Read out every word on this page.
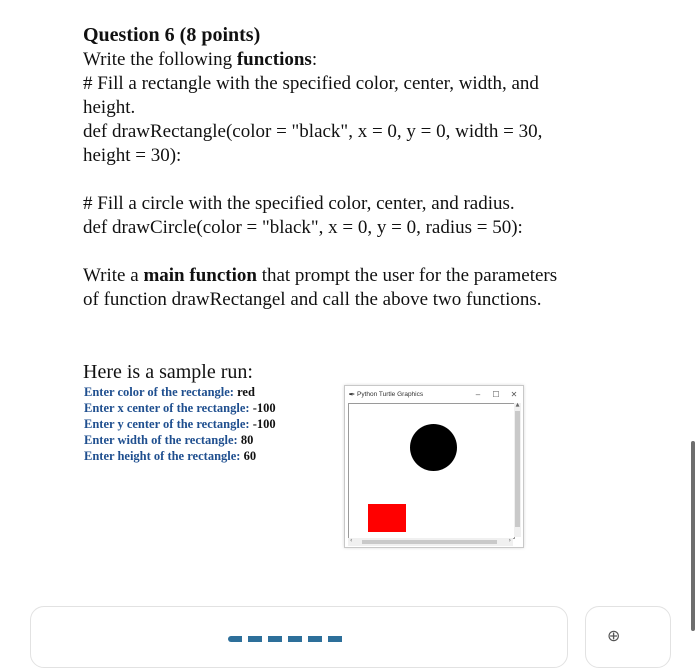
Question 6 (8 points)
Write the following functions:
# Fill a rectangle with the specified color, center, width, and
height.
def drawRectangle(color = "black", x = 0, y = 0, width = 30,
height = 30):
# Fill a circle with the specified color, center, and radius.
def drawCircle(color = "black", x = 0, y = 0, radius = 50):
Write a main function that prompt the user for the parameters
of function drawRectangel and call the above two functions.
Here is a sample run:
Enter color of the rectangle: red
Enter x center of the rectangle: -100
Enter y center of the rectangle: -100
Enter width of the rectangle: 80
Enter height of the rectangle: 60
✒ Python Turtle Graphics	–	☐	✕
▲
‹	›
⊕
